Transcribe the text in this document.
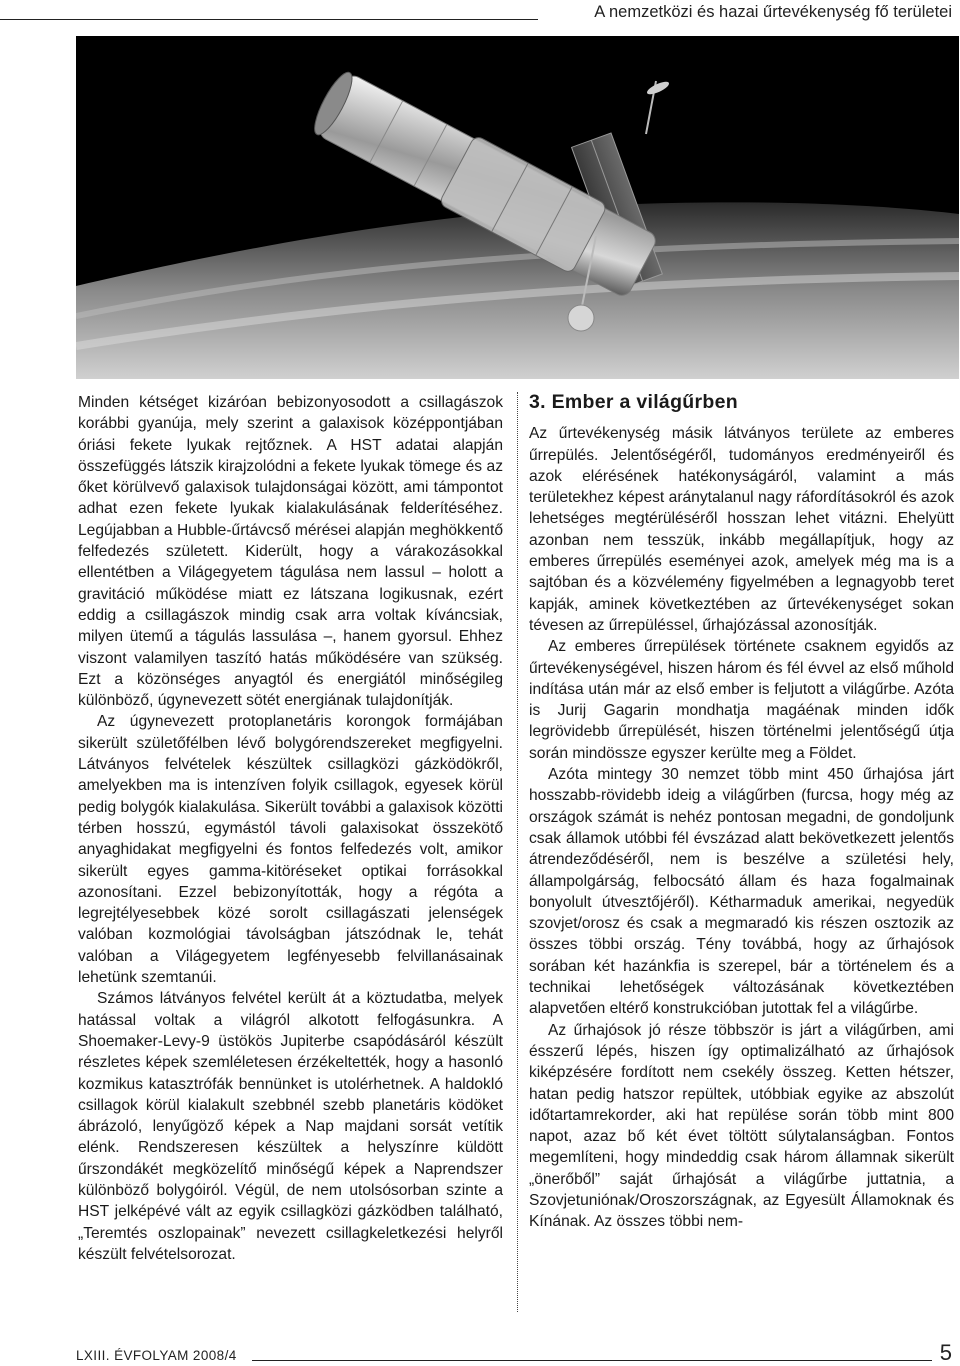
A nemzetközi és hazai űrtevékenység fő területei

Minden kétséget kizáróan bebizonyosodott a csillagászok korábbi gyanúja, mely szerint a galaxisok középpontjában óriási fekete lyukak rejtőznek. A HST adatai alapján összefüggés látszik kirajzolódni a fekete lyukak tömege és az őket körülvevő galaxisok tulajdonságai között, ami támpontot adhat ezen fekete lyukak kialakulásának felderítéséhez. Legújabban a Hubble-űrtávcső mérései alapján meghökkentő felfedezés született. Kiderült, hogy a várakozásokkal ellentétben a Világegyetem tágulása nem lassul – holott a gravitáció működése miatt ez látszana logikusnak, ezért eddig a csillagászok mindig csak arra voltak kíváncsiak, milyen ütemű a tágulás lassulása –, hanem gyorsul. Ehhez viszont valamilyen taszító hatás működésére van szükség. Ezt a közönséges anyagtól és energiától minőségileg különböző, úgynevezett sötét energiának tulajdonítják.

Az úgynevezett protoplanetáris korongok formájában sikerült születőfélben lévő bolygórendszereket megfigyelni. Látványos felvételek készültek csillagközi gázködökről, amelyekben ma is intenzíven folyik csillagok, egyesek körül pedig bolygók kialakulása. Sikerült további a galaxisok közötti térben hosszú, egymástól távoli galaxisokat összekötő anyaghidakat megfigyelni és fontos felfedezés volt, amikor sikerült egyes gamma-kitöréseket optikai forrásokkal azonosítani. Ezzel bebizonyították, hogy a régóta a legrejtélyesebbek közé sorolt csillagászati jelenségek valóban kozmológiai távolságban játszódnak le, tehát valóban a Világegyetem legfényesebb felvillanásainak lehetünk szemtanúi.

Számos látványos felvétel került át a köztudatba, melyek hatással voltak a világról alkotott felfogásunkra. A Shoemaker-Levy-9 üstökös Jupiterbe csapódásáról készült részletes képek szemléletesen érzékeltették, hogy a hasonló kozmikus katasztrófák bennünket is utolérhetnek. A haldokló csillagok körül kialakult szebbnél szebb planetáris ködöket ábrázoló, lenyűgöző képek a Nap majdani sorsát vetítik elénk. Rendszeresen készültek a helyszínre küldött űrszondákét megközelítő minőségű képek a Naprendszer különböző bolygóiról. Végül, de nem utolsósorban szinte a HST jelképévé vált az egyik csillagközi gázködben található, „Teremtés oszlopainak” nevezett csillagkeletkezési helyről készült felvételsorozat.

3. Ember a világűrben

Az űrtevékenység másik látványos területe az emberes űrrepülés. Jelentőségéről, tudományos eredményeiről és azok elérésének hatékonyságáról, valamint a más területekhez képest aránytalanul nagy ráfordításokról és azok lehetséges megtérüléséről hosszan lehet vitázni. Ehelyütt azonban nem tesszük, inkább megállapítjuk, hogy az emberes űrrepülés eseményei azok, amelyek még ma is a sajtóban és a közvélemény figyelmében a legnagyobb teret kapják, aminek következtében az űrtevékenységet sokan tévesen az űrrepüléssel, űrhajózással azonosítják.

Az emberes űrrepülések története csaknem egyidős az űrtevékenységével, hiszen három és fél évvel az első műhold indítása után már az első ember is feljutott a világűrbe. Azóta is Jurij Gagarin mondhatja magáénak minden idők legrövidebb űrrepülését, hiszen történelmi jelentőségű útja során mindössze egyszer kerülte meg a Földet.

Azóta mintegy 30 nemzet több mint 450 űrhajósa járt hosszabb-rövidebb ideig a világűrben (furcsa, hogy még az országok számát is nehéz pontosan megadni, de gondoljunk csak államok utóbbi fél évszázad alatt bekövetkezett jelentős átrendeződéséről, nem is beszélve a születési hely, állampolgárság, felbocsátó állam és haza fogalmainak bonyolult útvesztőjéről). Kétharmaduk amerikai, negyedük szovjet/orosz és csak a megmaradó kis részen osztozik az összes többi ország. Tény továbbá, hogy az űrhajósok sorában két hazánkfia is szerepel, bár a történelem és a technikai lehetőségek változásának következtében alapvetően eltérő konstrukcióban jutottak fel a világűrbe.

Az űrhajósok jó része többször is járt a világűrben, ami ésszerű lépés, hiszen így optimalizálható az űrhajósok kiképzésére fordított nem csekély összeg. Ketten hétszer, hatan pedig hatszor repültek, utóbbiak egyike az abszolút időtartamrekorder, aki hat repülése során több mint 800 napot, azaz bő két évet töltött súlytalanságban. Fontos megemlíteni, hogy mindeddig csak három államnak sikerült „önerőből” saját űrhajósát a világűrbe juttatnia, a Szovjetuniónak/Oroszországnak, az Egyesült Államoknak és Kínának. Az összes többi nem-

LXIII. ÉVFOLYAM 2008/4	5
